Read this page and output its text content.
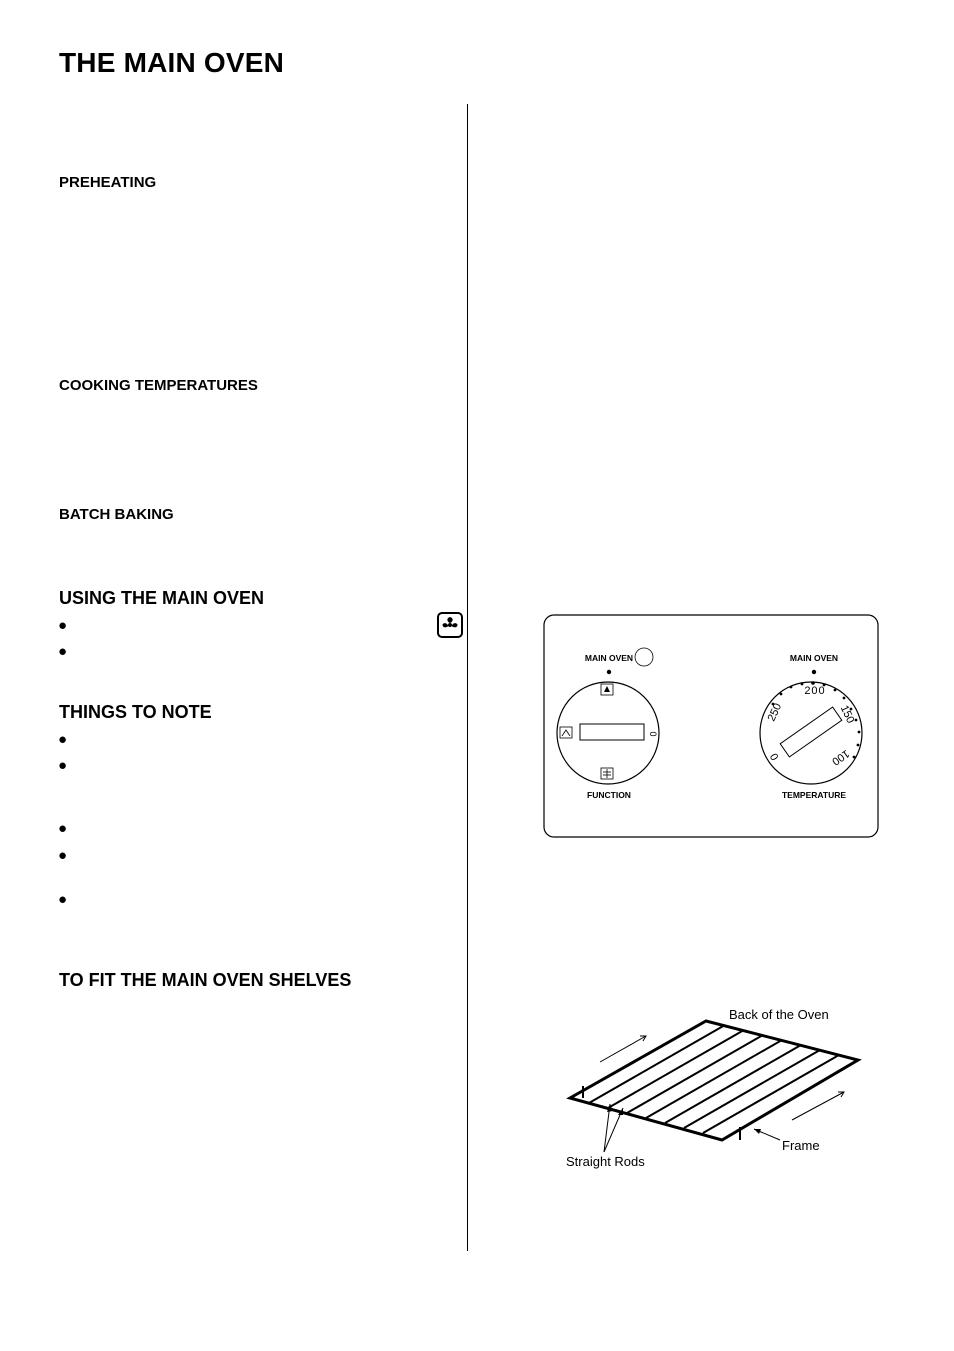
THE MAIN OVEN
PREHEATING
COOKING TEMPERATURES
BATCH BAKING
USING THE MAIN OVEN
●
●
THINGS TO NOTE
●
●
●
●
●
TO FIT THE MAIN OVEN SHELVES
MAIN OVEN
0
FUNCTION
MAIN OVEN
250
200
150
100
0
TEMPERATURE
Back of the Oven
Frame
Straight Rods
